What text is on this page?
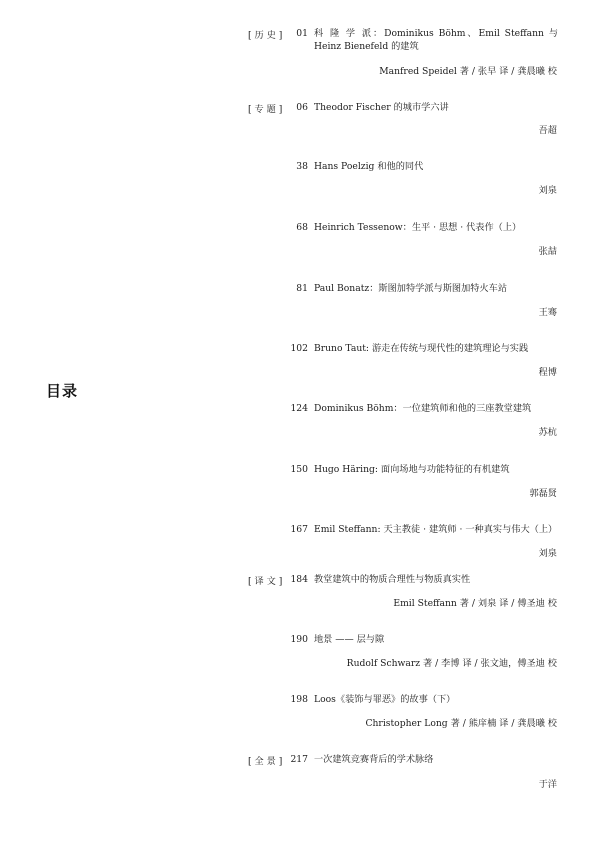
目录
[ 历 史 ]
[ 专 题 ]
[ 译 文 ]
[ 全 景 ]
01 科 隆 学 派：Dominikus Böhm、Emil Steffann 与 Heinz Bienefeld 的建筑
Manfred Speidel 著 / 张早 译 / 龚晨曦 校
06 Theodor Fischer 的城市学六讲
吾超
38 Hans Poelzig 和他的同代
刘泉
68 Heinrich Tessenow：生平 · 思想 · 代表作（上）
张喆
81 Paul Bonatz：斯图加特学派与斯图加特火车站
王骞
102 Bruno Taut: 游走在传统与现代性的建筑理论与实践
程博
124 Dominikus Böhm：一位建筑师和他的三座教堂建筑
苏杭
150 Hugo Häring: 面向场地与功能特征的有机建筑
郭磊贤
167 Emil Steffann: 天主教徒 · 建筑师 · 一种真实与伟大（上）
刘泉
184 教堂建筑中的物质合理性与物质真实性
Emil Steffann 著 / 刘泉 译 / 傅圣迪 校
190 地景 —— 层与隙
Rudolf Schwarz 著 / 李博 译 / 张文迪，傅圣迪 校
198 Loos《装饰与罪恶》的故事（下）
Christopher Long 著 / 熊庠楠 译 / 龚晨曦 校
217 一次建筑竞赛背后的学术脉络
于洋
